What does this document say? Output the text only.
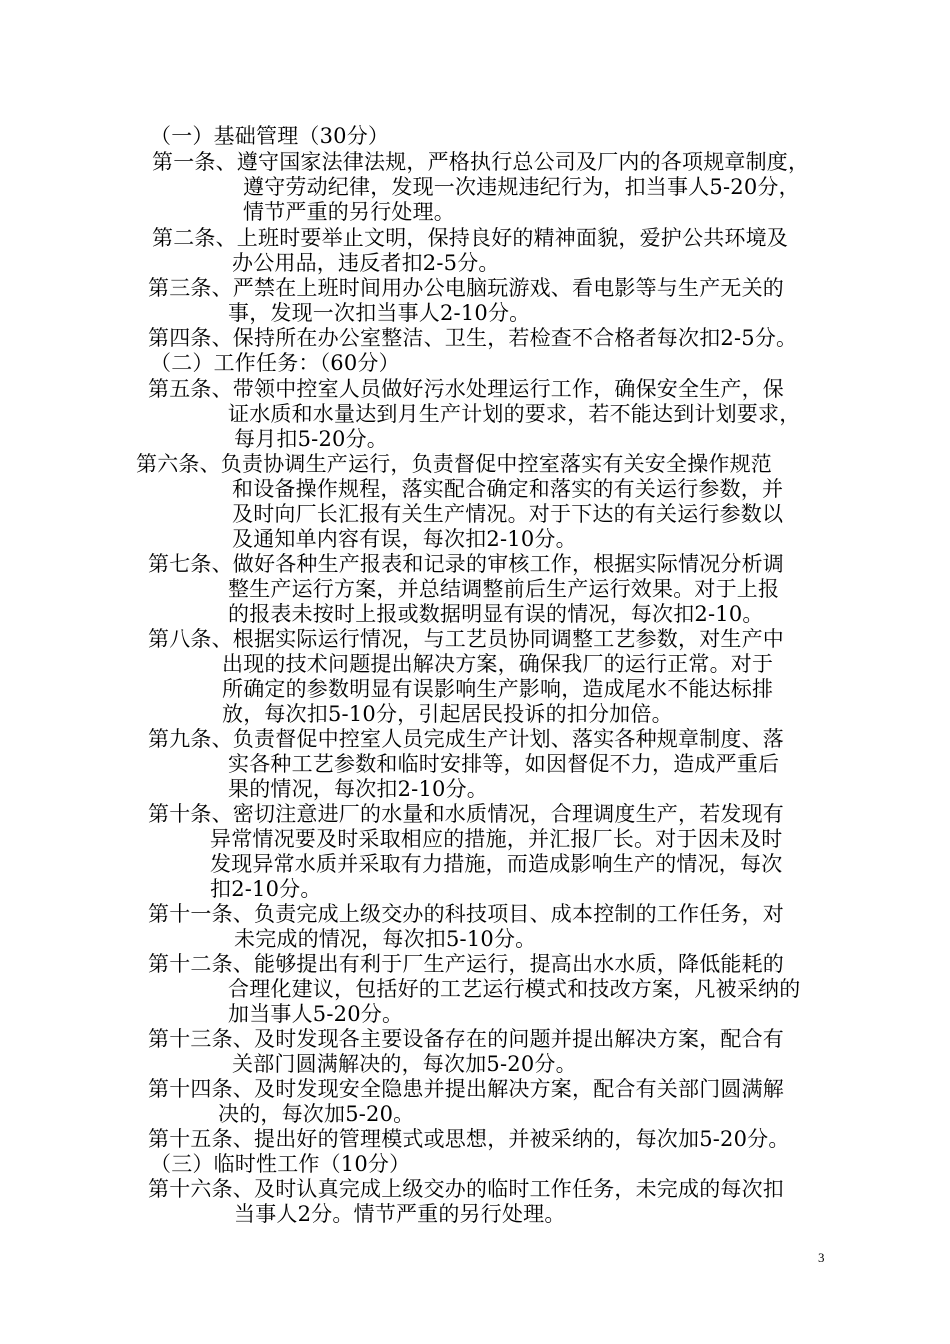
（一）基础管理（30分）
第一条、遵守国家法律法规，严格执行总公司及厂内的各项规章制度，
遵守劳动纪律，发现一次违规违纪行为，扣当事人5-20分，
情节严重的另行处理。
第二条、上班时要举止文明，保持良好的精神面貌，爱护公共环境及
办公用品，违反者扣2-5分。
第三条、严禁在上班时间用办公电脑玩游戏、看电影等与生产无关的
事，发现一次扣当事人2-10分。
第四条、保持所在办公室整洁、卫生，若检查不合格者每次扣2-5分。
（二）工作任务：（60分）
第五条、带领中控室人员做好污水处理运行工作，确保安全生产，保
证水质和水量达到月生产计划的要求，若不能达到计划要求，
每月扣5-20分。
第六条、负责协调生产运行，负责督促中控室落实有关安全操作规范
和设备操作规程，落实配合确定和落实的有关运行参数，并
及时向厂长汇报有关生产情况。对于下达的有关运行参数以
及通知单内容有误，每次扣2-10分。
第七条、做好各种生产报表和记录的审核工作，根据实际情况分析调
整生产运行方案，并总结调整前后生产运行效果。对于上报
的报表未按时上报或数据明显有误的情况，每次扣2-10。
第八条、根据实际运行情况，与工艺员协同调整工艺参数，对生产中
出现的技术问题提出解决方案，确保我厂的运行正常。对于
所确定的参数明显有误影响生产影响，造成尾水不能达标排
放，每次扣5-10分，引起居民投诉的扣分加倍。
第九条、负责督促中控室人员完成生产计划、落实各种规章制度、落
实各种工艺参数和临时安排等，如因督促不力，造成严重后
果的情况，每次扣2-10分。
第十条、密切注意进厂的水量和水质情况，合理调度生产，若发现有
异常情况要及时采取相应的措施，并汇报厂长。对于因未及时
发现异常水质并采取有力措施，而造成影响生产的情况，每次
扣2-10分。
第十一条、负责完成上级交办的科技项目、成本控制的工作任务，对
未完成的情况，每次扣5-10分。
第十二条、能够提出有利于厂生产运行，提高出水水质，降低能耗的
合理化建议，包括好的工艺运行模式和技改方案，凡被采纳的
加当事人5-20分。
第十三条、及时发现各主要设备存在的问题并提出解决方案，配合有
关部门圆满解决的，每次加5-20分。
第十四条、及时发现安全隐患并提出解决方案，配合有关部门圆满解
决的，每次加5-20。
第十五条、提出好的管理模式或思想，并被采纳的，每次加5-20分。
（三）临时性工作（10分）
第十六条、及时认真完成上级交办的临时工作任务，未完成的每次扣
当事人2分。情节严重的另行处理。
3
